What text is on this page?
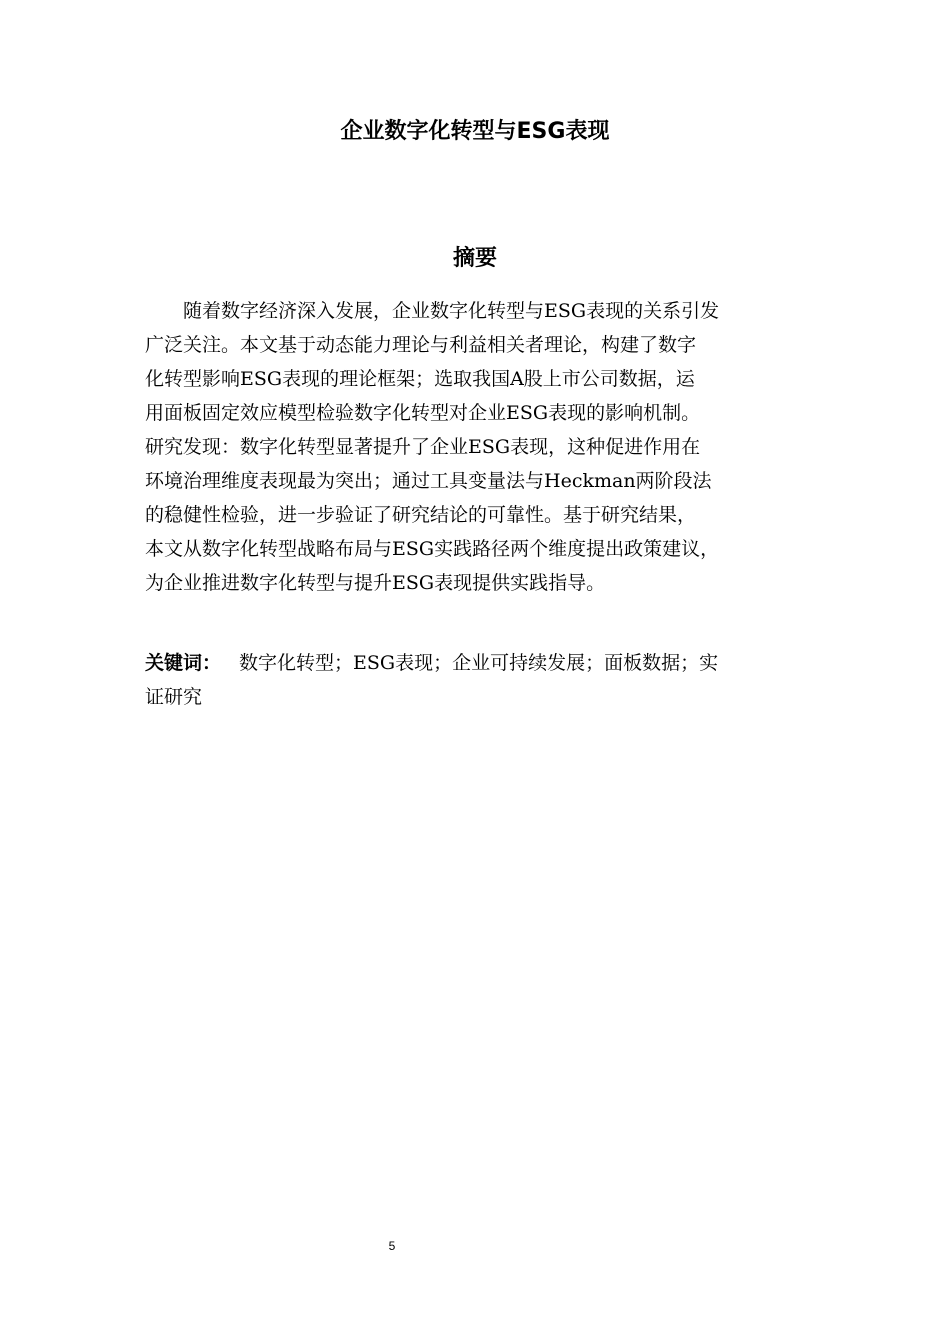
企业数字化转型与ESG表现
摘要
　　随着数字经济深入发展，企业数字化转型与ESG表现的关系引发
广泛关注。本文基于动态能力理论与利益相关者理论，构建了数字
化转型影响ESG表现的理论框架；选取我国A股上市公司数据，运
用面板固定效应模型检验数字化转型对企业ESG表现的影响机制。
研究发现：数字化转型显著提升了企业ESG表现，这种促进作用在
环境治理维度表现最为突出；通过工具变量法与Heckman两阶段法
的稳健性检验，进一步验证了研究结论的可靠性。基于研究结果，
本文从数字化转型战略布局与ESG实践路径两个维度提出政策建议，
为企业推进数字化转型与提升ESG表现提供实践指导。
关键词： 数字化转型；ESG表现；企业可持续发展；面板数据；实
证研究
5
